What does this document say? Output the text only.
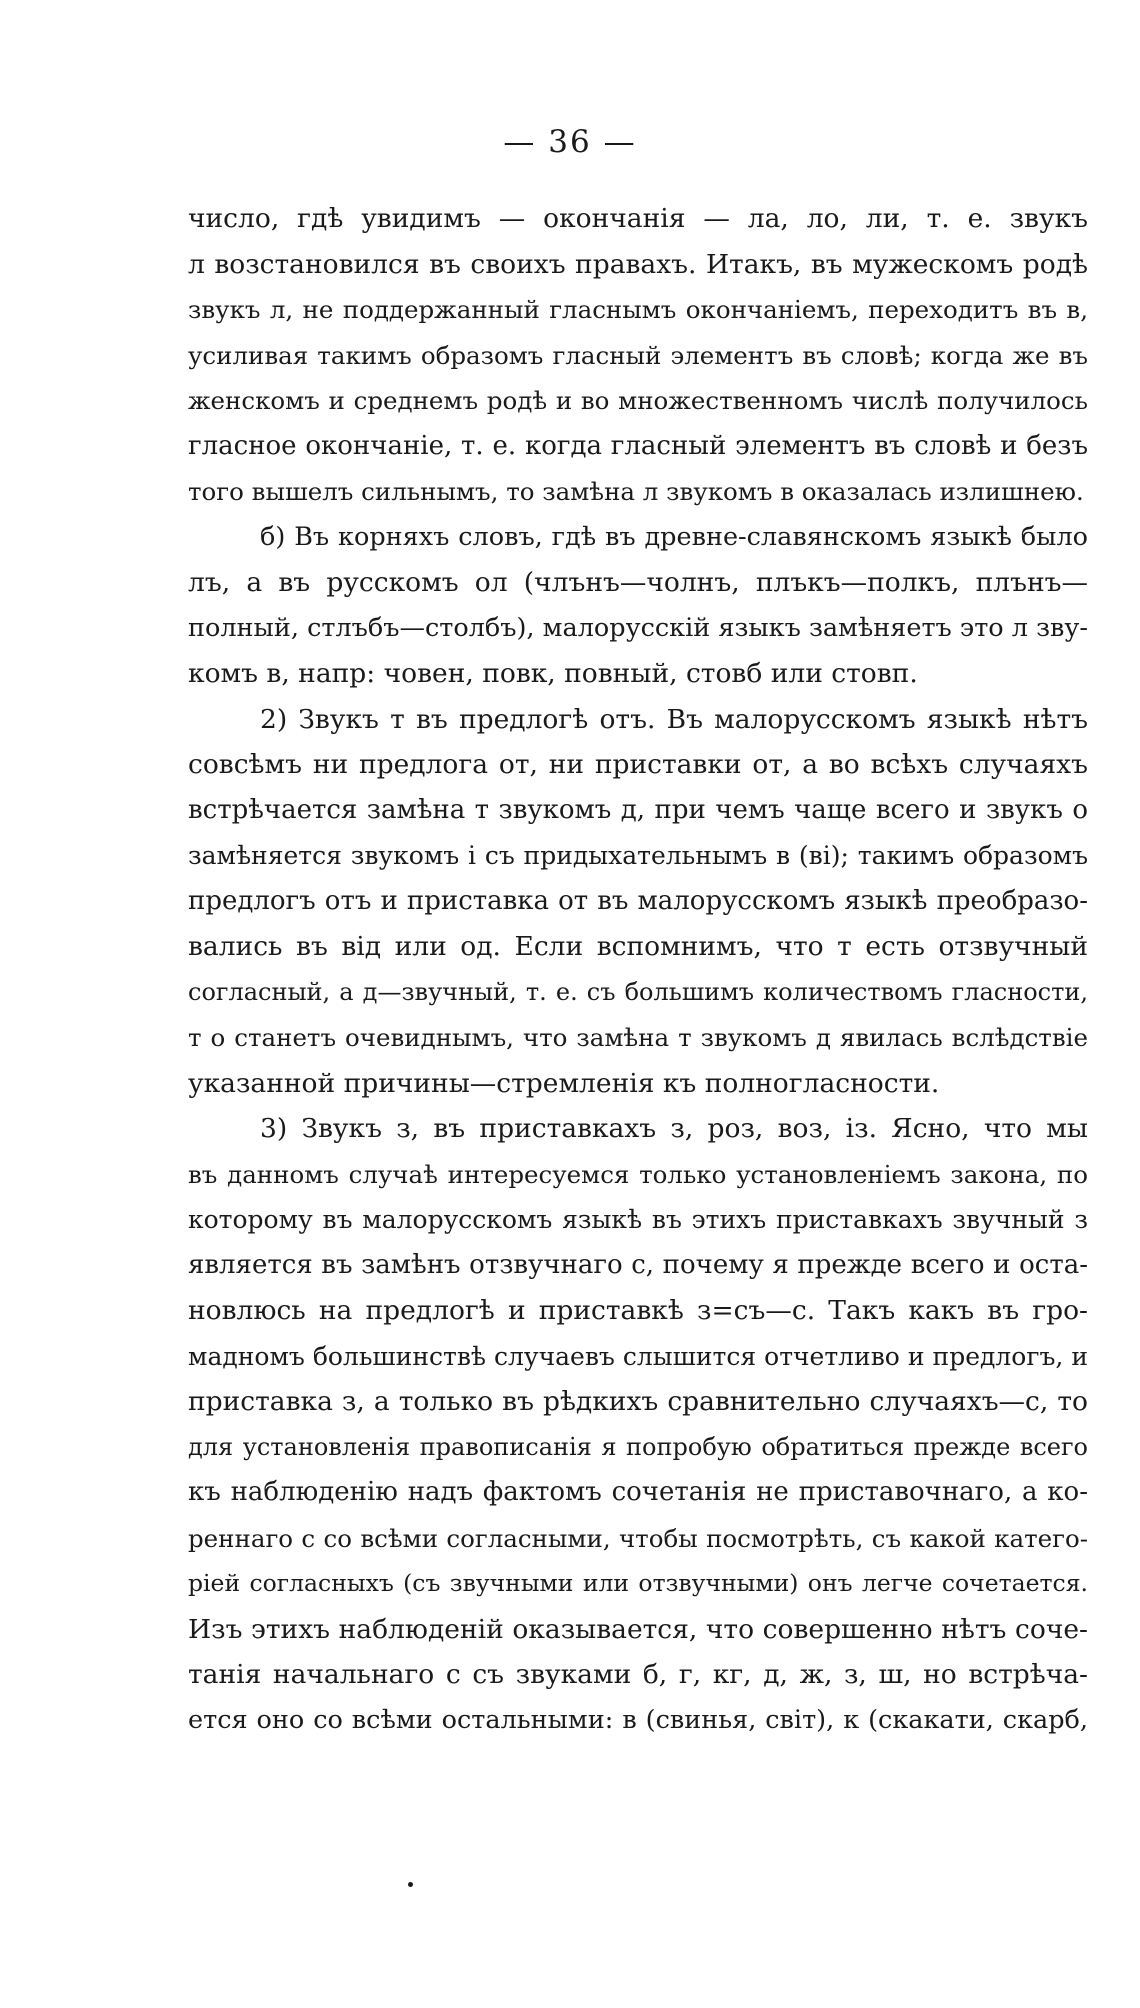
— 36 —
число, гдѣ увидимъ — окончанія — ла, ло, ли, т. е. звукъ
л возстановился въ своихъ правахъ. Итакъ, въ мужескомъ родѣ
звукъ л, не поддержанный гласнымъ окончаніемъ, переходитъ въ в,
усиливая такимъ образомъ гласный элементъ въ словѣ; когда же въ
женскомъ и среднемъ родѣ и во множественномъ числѣ получилось
гласное окончаніе, т. е. когда гласный элементъ въ словѣ и безъ
того вышелъ сильнымъ, то замѣна л звукомъ в оказалась излишнею.
б) Въ корняхъ словъ, гдѣ въ древне-славянскомъ языкѣ было
лъ, а въ русскомъ ол (члънъ—чолнъ, плъкъ—полкъ, плънъ—
полный, стлъбъ—столбъ), малорусскій языкъ замѣняетъ это л зву-
комъ в, напр: човен, повк, повный, стовб или стовп.
2) Звукъ т въ предлогѣ отъ. Въ малорусскомъ языкѣ нѣтъ
совсѣмъ ни предлога от, ни приставки от, а во всѣхъ случаяхъ
встрѣчается замѣна т звукомъ д, при чемъ чаще всего и звукъ о
замѣняется звукомъ і съ придыхательнымъ в (ві); такимъ образомъ
предлогъ отъ и приставка от въ малорусскомъ языкѣ преобразо-
вались въ від или од. Если вспомнимъ, что т есть отзвучный
согласный, а д—звучный, т. е. съ большимъ количествомъ гласности,
т о станетъ очевиднымъ, что замѣна т звукомъ д явилась вслѣдствіе
указанной причины—стремленія къ полногласности.
3) Звукъ з, въ приставкахъ з, роз, воз, із. Ясно, что мы
въ данномъ случаѣ интересуемся только установленіемъ закона, по
которому въ малорусскомъ языкѣ въ этихъ приставкахъ звучный з
является въ замѣнъ отзвучнаго с, почему я прежде всего и оста-
новлюсь на предлогѣ и приставкѣ з=съ—с. Такъ какъ въ гро-
мадномъ большинствѣ случаевъ слышится отчетливо и предлогъ, и
приставка з, а только въ рѣдкихъ сравнительно случаяхъ—с, то
для установленія правописанія я попробую обратиться прежде всего
къ наблюденію надъ фактомъ сочетанія не приставочнаго, а ко-
реннаго с со всѣми согласными, чтобы посмотрѣть, съ какой катего-
ріей согласныхъ (съ звучными или отзвучными) онъ легче сочетается.
Изъ этихъ наблюденій оказывается, что совершенно нѣтъ соче-
танія начальнаго с съ звуками б, г, кг, д, ж, з, ш, но встрѣча-
ется оно со всѣми остальными: в (свинья, світ), к (скакати, скарб,
